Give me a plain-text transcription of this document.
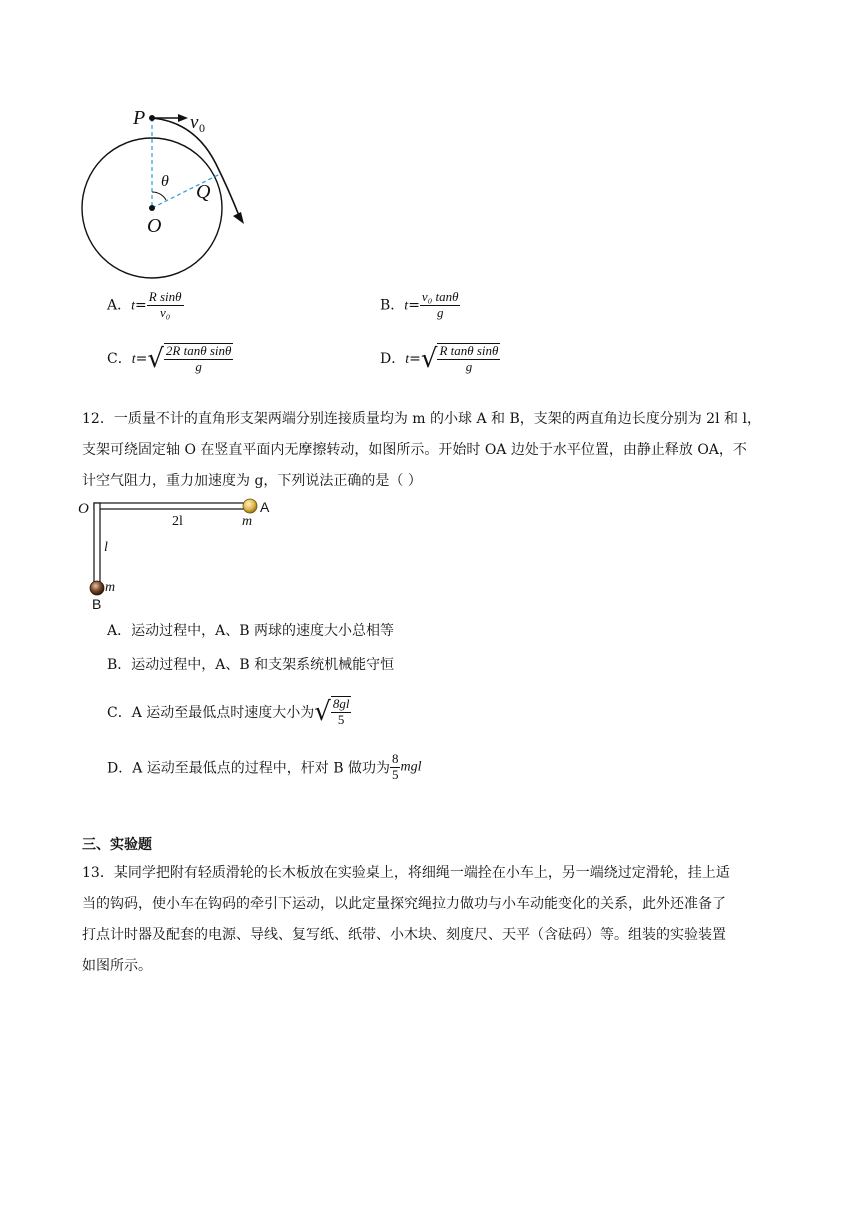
P v 0
θ Q
O
A．$t= \frac{\text{R sinθ}}{\text{v₀}}$	B．$t= \frac{\text{v₀ tanθ}}{g}$
C．$t=√ \frac{\text{2R tanθ sinθ}}{g}$	D．$t=√ \frac{\text{R tanθ sinθ}}{g}$
12．一质量不计的直角形支架两端分别连接质量均为 m 的小球 A 和 B，支架的两直角边长度分别为 2l 和 l，
支架可绕固定轴 O 在竖直平面内无摩擦转动，如图所示。开始时 OA 边处于水平位置，由静止释放 OA，不
计空气阻力，重力加速度为 g，下列说法正确的是（ ）
O
2l
A
m
l
m
B
A．运动过程中，A、B 两球的速度大小总相等
B．运动过程中，A、B 和支架系统机械能守恒
C．A 运动至最低点时速度大小为√ $\frac{8gl}{5}$
D．A 运动至最低点的过程中，杆对 B 做功为 $\frac{8}{5}$ mgl
三、实验题
13．某同学把附有轻质滑轮的长木板放在实验桌上，将细绳一端拴在小车上，另一端绕过定滑轮，挂上适
当的钩码，使小车在钩码的牵引下运动，以此定量探究绳拉力做功与小车动能变化的关系，此外还准备了
打点计时器及配套的电源、导线、复写纸、纸带、小木块、刻度尺、天平（含砝码）等。组装的实验装置
如图所示。
